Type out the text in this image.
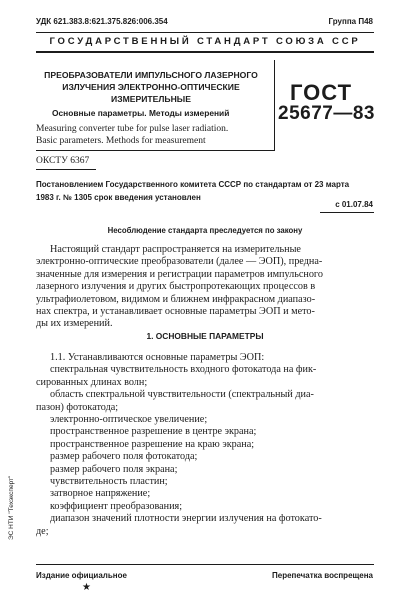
УДК 621.383.8:621.375.826:006.354	Группа П48
ГОСУДАРСТВЕННЫЙ СТАНДАРТ СОЮЗА ССР
ПРЕОБРАЗОВАТЕЛИ ИМПУЛЬСНОГО ЛАЗЕРНОГО
ИЗЛУЧЕНИЯ ЭЛЕКТРОННО-ОПТИЧЕСКИЕ
ИЗМЕРИТЕЛЬНЫЕ
Основные параметры. Методы измерений
ГОСТ
25677—83
Measuring converter tube for pulse laser radiation.
Basic parameters. Methods for measurement
ОКСТУ 6367
Постановлением Государственного комитета СССР по стандартам от 23 марта
1983 г. № 1305 срок введения установлен
с 01.07.84
Несоблюдение стандарта преследуется по закону
Настоящий стандарт распространяется на измерительные
электронно-оптические преобразователи (далее — ЭОП), предна-
значенные для измерения и регистрации параметров импульсного
лазерного излучения и других быстропротекающих процессов в
ультрафиолетовом, видимом и ближнем инфракрасном диапазо-
нах спектра, и устанавливает основные параметры ЭОП и мето-
ды их измерений.
1. ОСНОВНЫЕ ПАРАМЕТРЫ
1.1. Устанавливаются основные параметры ЭОП:
спектральная чувствительность входного фотокатода на фик-
сированных длинах волн;
область спектральной чувствительности (спектральный диа-
пазон) фотокатода;
электронно-оптическое увеличение;
пространственное разрешение в центре экрана;
пространственное разрешение на краю экрана;
размер рабочего поля фотокатода;
размер рабочего поля экрана;
чувствительность пластин;
затворное напряжение;
коэффициент преобразования;
диапазон значений плотности энергии излучения на фотокато-
де;
Издание официальное	Перепечатка воспрещена
★
ЭС НТИ "Техэксперт"
